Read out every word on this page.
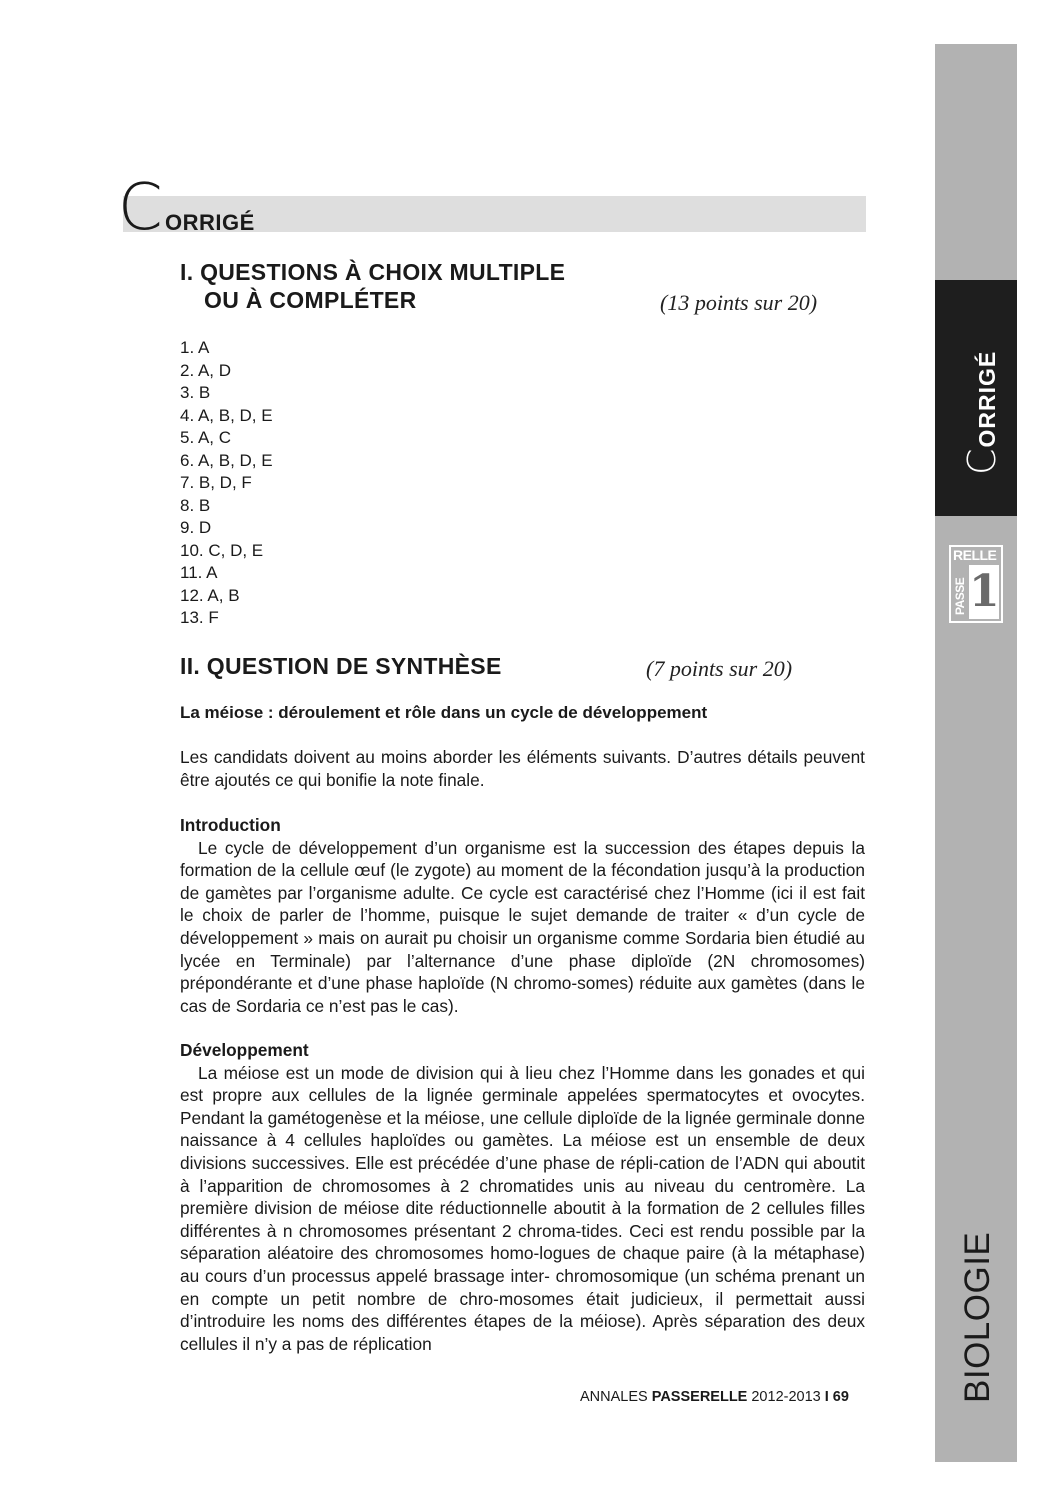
C ORRIGÉ
I. QUESTIONS À CHOIX MULTIPLE
OU À COMPLÉTER	(13 points sur 20)
1. A
2. A, D
3. B
4. A, B, D, E
5. A, C
6. A, B, D, E
7. B, D, F
8. B
9. D
10. C, D, E
11. A
12. A, B
13. F
II. QUESTION DE SYNTHÈSE	(7 points sur 20)
La méiose : déroulement et rôle dans un cycle de développement
Les candidats doivent au moins aborder les éléments suivants. D’autres détails peuvent être ajoutés ce qui bonifie la note finale.
Introduction
Le cycle de développement d’un organisme est la succession des étapes depuis la formation de la cellule œuf (le zygote) au moment de la fécondation jusqu’à la production de gamètes par l’organisme adulte. Ce cycle est caractérisé chez l’Homme (ici il est fait le choix de parler de l’homme, puisque le sujet demande de traiter « d’un cycle de développement » mais on aurait pu choisir un organisme comme Sordaria bien étudié au lycée en Terminale) par l’alternance d’une phase diploïde (2N chromosomes) prépondérante et d’une phase haploïde (N chromo-somes) réduite aux gamètes (dans le cas de Sordaria ce n’est pas le cas).
Développement
La méiose est un mode de division qui à lieu chez l’Homme dans les gonades et qui est propre aux cellules de la lignée germinale appelées spermatocytes et ovocytes. Pendant la gamétogenèse et la méiose, une cellule diploïde de la lignée germinale donne naissance à 4 cellules haploïdes ou gamètes. La méiose est un ensemble de deux divisions successives. Elle est précédée d’une phase de répli-cation de l’ADN qui aboutit à l’apparition de chromosomes à 2 chromatides unis au niveau du centromère. La première division de méiose dite réductionnelle aboutit à la formation de 2 cellules filles différentes à n chromosomes présentant 2 chroma-tides. Ceci est rendu possible par la séparation aléatoire des chromosomes homo-logues de chaque paire (à la métaphase) au cours d’un processus appelé brassage inter- chromosomique (un schéma prenant un en compte un petit nombre de chro-mosomes était judicieux, il permettait aussi d’introduire les noms des différentes étapes de la méiose). Après séparation des deux cellules il n’y a pas de réplication
ANNALES PASSERELLE 2012-2013 I 69
CORRIGÉ
RELLE
PASSE 1
BIOLOGIE
